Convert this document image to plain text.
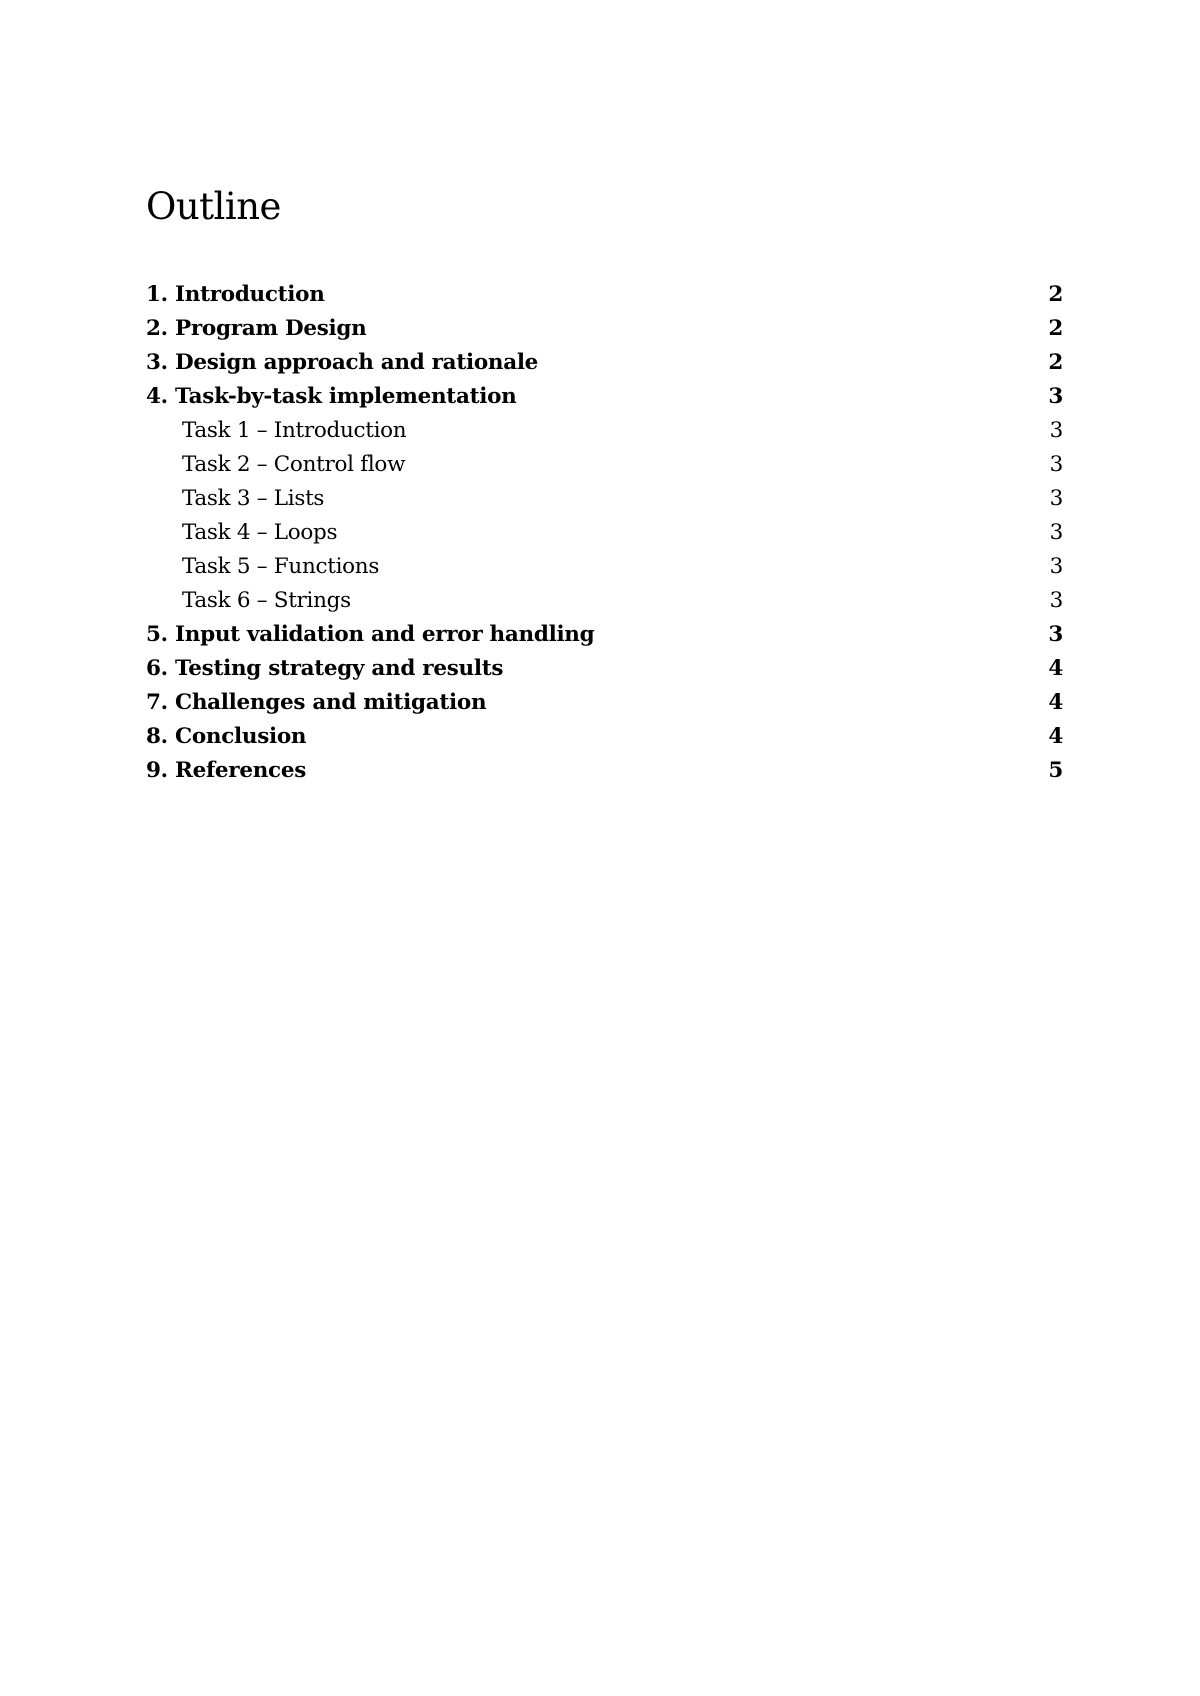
Outline
1. Introduction	2
2. Program Design	2
3. Design approach and rationale	2
4. Task-by-task implementation	3
Task 1 – Introduction	3
Task 2 – Control flow	3
Task 3 – Lists	3
Task 4 – Loops	3
Task 5 – Functions	3
Task 6 – Strings	3
5. Input validation and error handling	3
6. Testing strategy and results	4
7. Challenges and mitigation	4
8. Conclusion	4
9. References	5
